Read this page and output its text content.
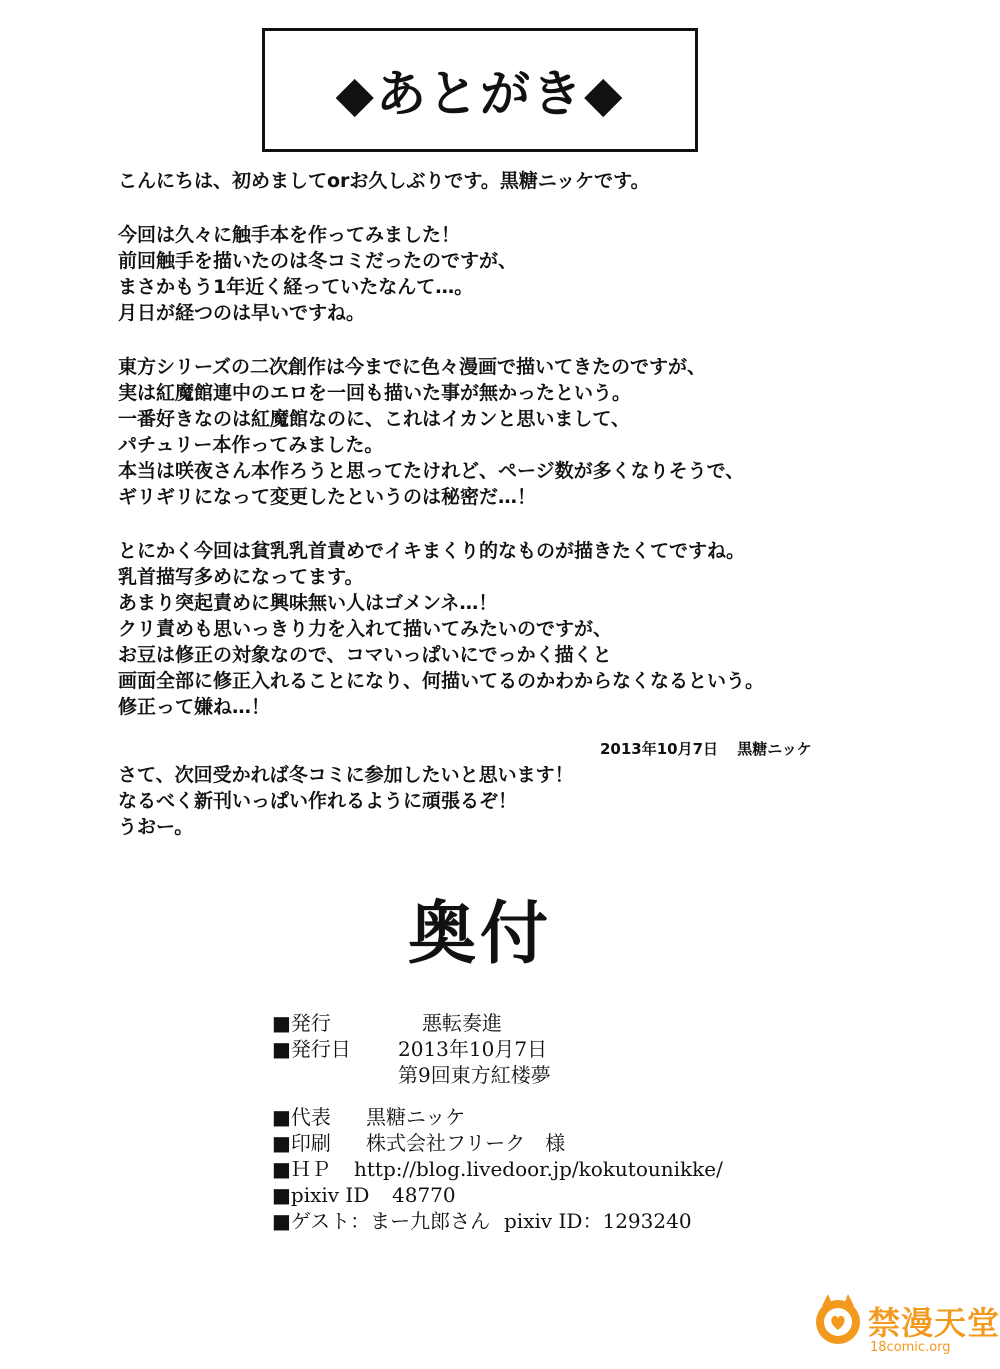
◆あとがき◆

こんにちは、初めましてorお久しぶりです。黒糖ニッケです。

今回は久々に触手本を作ってみました！

前回触手を描いたのは冬コミだったのですが、

まさかもう1年近く経っていたなんて…。

月日が経つのは早いですね。

東方シリーズの二次創作は今までに色々漫画で描いてきたのですが、

実は紅魔館連中のエロを一回も描いた事が無かったという。

一番好きなのは紅魔館なのに、これはイカンと思いまして、

パチュリー本作ってみました。

本当は咲夜さん本作ろうと思ってたけれど、ページ数が多くなりそうで、

ギリギリになって変更したというのは秘密だ…！

とにかく今回は貧乳乳首責めでイキまくり的なものが描きたくてですね。

乳首描写多めになってます。

あまり突起責めに興味無い人はゴメンネ…！

クリ責めも思いっきり力を入れて描いてみたいのですが、

お豆は修正の対象なので、コマいっぱいにでっかく描くと

画面全部に修正入れることになり、何描いてるのかわからなくなるという。

修正って嫌ね…！

さて、次回受かれば冬コミに参加したいと思います！

なるべく新刊いっぱい作れるように頑張るぞ！

うおー。

2013年10月7日 黒糖ニッケ
奥付
■発行	悪転奏進
■発行日 2013年10月7日
第9回東方紅楼夢
■代表 黒糖ニッケ
■印刷 株式会社フリーク　様
■ＨＰ http://blog.livedoor.jp/kokutounikke/
■pixiv ID 48770
■ゲスト：まー九郎さん pixiv ID：1293240
禁漫天堂
18comic.org
